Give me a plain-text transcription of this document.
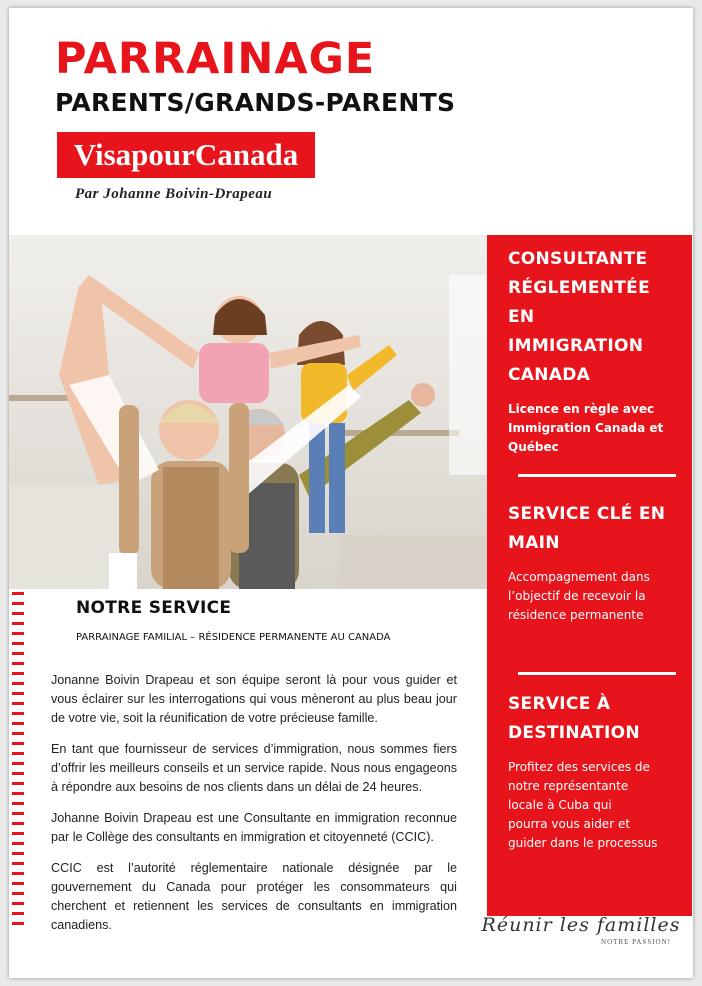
PARRAINAGE
PARENTS/GRANDS-PARENTS
VisapourCanada
Par Johanne Boivin-Drapeau
CONSULTANTE
RÉGLEMENTÉE EN
IMMIGRATION
CANADA
Licence en règle avec
Immigration Canada et
Québec
SERVICE CLÉ EN
MAIN
Accompagnement dans
l’objectif de recevoir la
résidence permanente
SERVICE À
DESTINATION
Profitez des services de
notre représentante
locale à Cuba qui
pourra vous aider et
guider dans le processus
NOTRE SERVICE
PARRAINAGE FAMILIAL – RÉSIDENCE PERMANENTE AU CANADA

Jonanne Boivin Drapeau et son équipe seront là pour vous guider et vous éclairer sur les interrogations qui vous mèneront au plus beau jour de votre vie, soit la réunification de votre précieuse famille.

En tant que fournisseur de services d’immigration, nous sommes fiers d’offrir les meilleurs conseils et un service rapide. Nous nous engageons à répondre aux besoins de nos clients dans un délai de 24 heures.

Johanne Boivin Drapeau est une Consultante en immigration reconnue par le Collège des consultants en immigration et citoyenneté (CCIC).

CCIC est l’autorité réglementaire nationale désignée par le gouvernement du Canada pour protéger les consommateurs qui cherchent et retiennent les services de consultants en immigration canadiens.	Réunir les familles
NOTRE PASSION!
